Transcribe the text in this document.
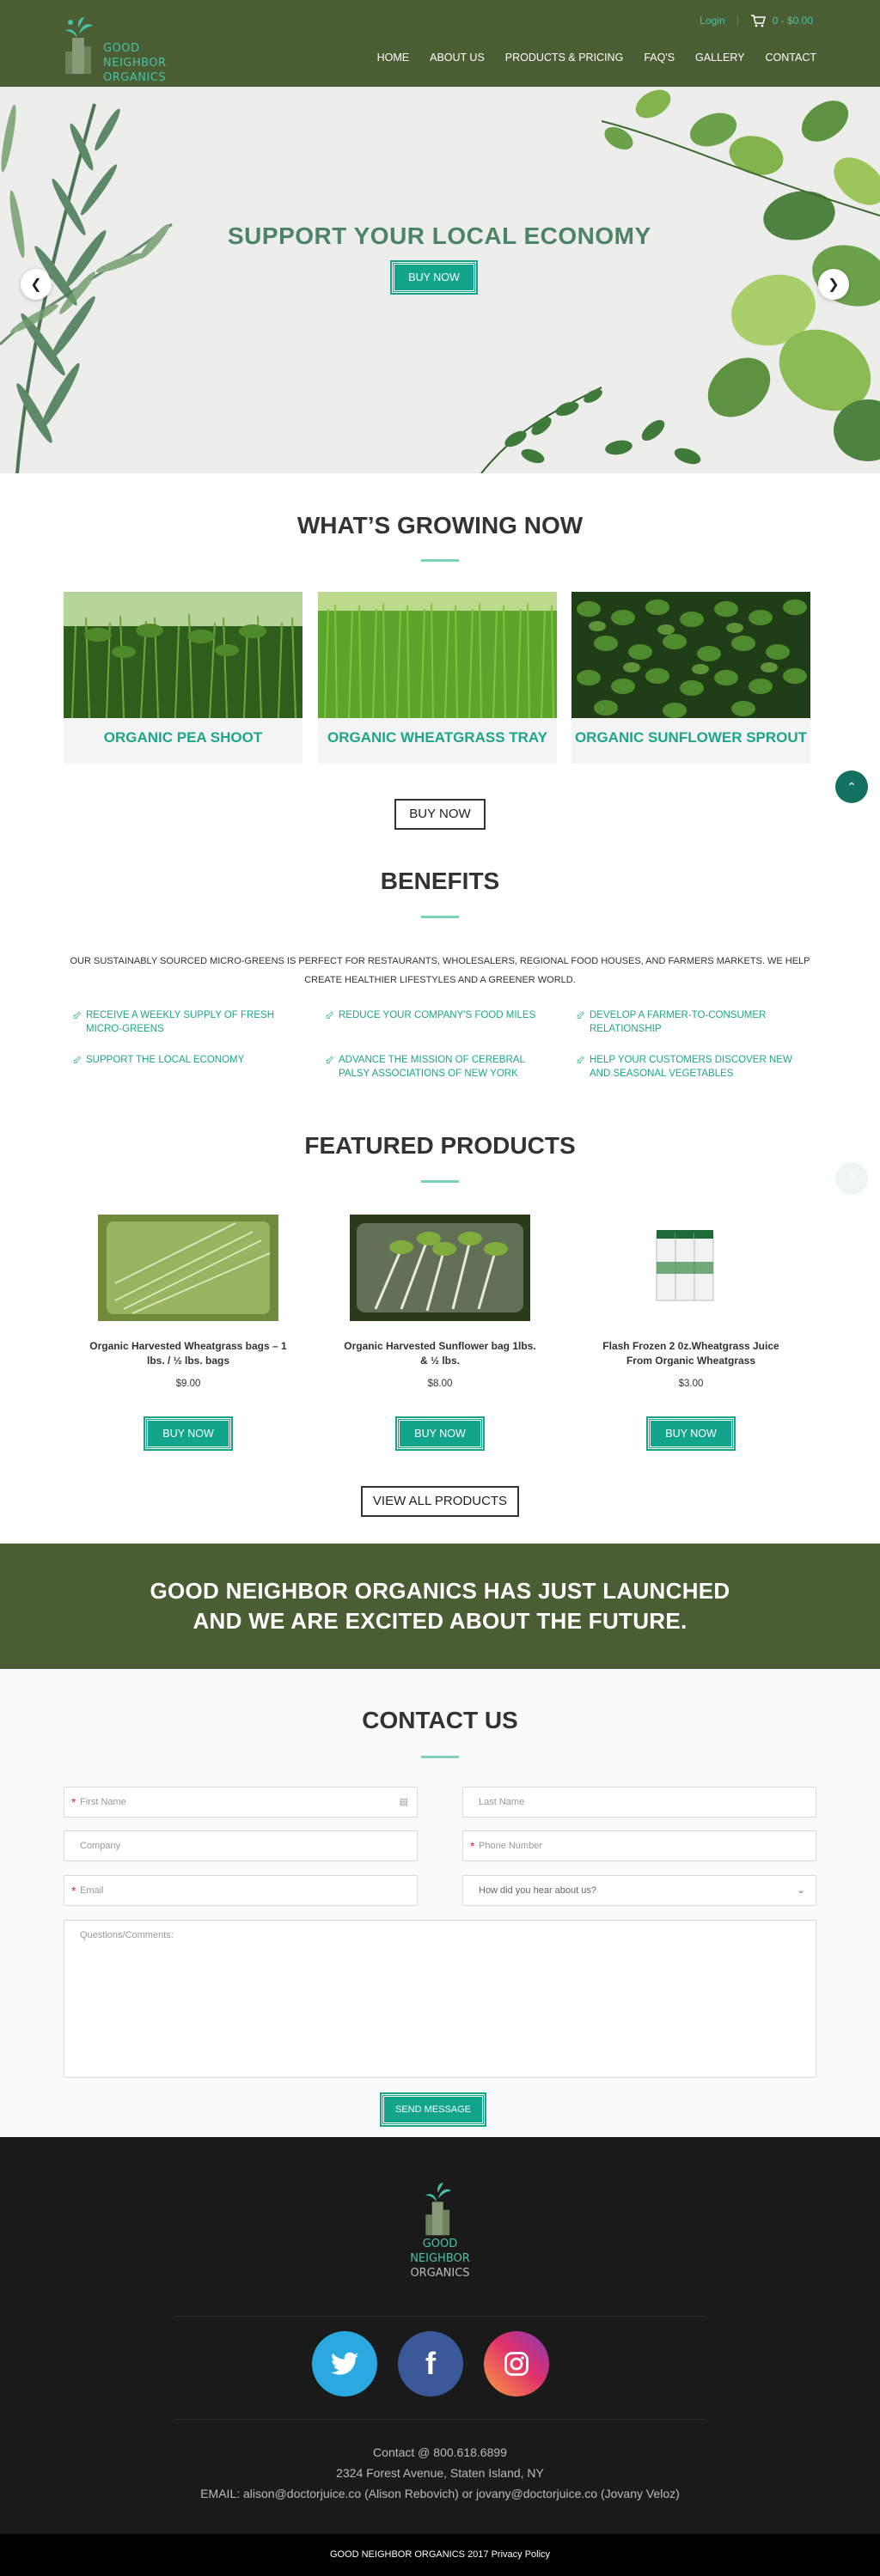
GOOD NEIGHBOR
ORGANICS
Login	0 - $0.00
HOME ABOUT US PRODUCTS & PRICING FAQ'S GALLERY CONTACT
SUPPORT YOUR LOCAL ECONOMY
BUY NOW
❮	❯
WHAT’S GROWING NOW
ORGANIC PEA SHOOT	ORGANIC WHEATGRASS TRAY	ORGANIC SUNFLOWER SPROUT
⌃
BUY NOW
BENEFITS
OUR SUSTAINABLY SOURCED MICRO-GREENS IS PERFECT FOR RESTAURANTS, WHOLESALERS, REGIONAL FOOD HOUSES, AND FARMERS MARKETS. WE HELP CREATE HEALTHIER LIFESTYLES AND A GREENER WORLD.
⬃ RECEIVE A WEEKLY SUPPLY OF FRESH MICRO-GREENS
⬃ REDUCE YOUR COMPANY'S FOOD MILES	⬃ DEVELOP A FARMER-TO-CONSUMER RELATIONSHIP
⬃ SUPPORT THE LOCAL ECONOMY	⬃ ADVANCE THE MISSION OF CEREBRAL PALSY ASSOCIATIONS OF NEW YORK
⬃ HELP YOUR CUSTOMERS DISCOVER NEW AND SEASONAL VEGETABLES
FEATURED PRODUCTS
⌃
Organic Harvested Wheatgrass bags – 1 lbs. / ½ lbs. bags
$9.00
BUY NOW
Organic Harvested Sunflower bag 1lbs. & ½ lbs.
$8.00
BUY NOW
Flash Frozen 2 0z.Wheatgrass Juice From Organic Wheatgrass
$3.00
BUY NOW
VIEW ALL PRODUCTS
GOOD NEIGHBOR ORGANICS HAS JUST LAUNCHED
AND WE ARE EXCITED ABOUT THE FUTURE.
CONTACT US
* First Name	▤	Last Name
Company	* Phone Number
* Email	How did you hear about us?	⌄
Questions/Comments:
SEND MESSAGE
GOOD NEIGHBOR
ORGANICS
f
Contact @ 800.618.6899
2324 Forest Avenue, Staten Island, NY
EMAIL: alison@doctorjuice.co (Alison Rebovich) or jovany@doctorjuice.co (Jovany Veloz)
GOOD NEIGHBOR ORGANICS 2017 Privacy Policy
